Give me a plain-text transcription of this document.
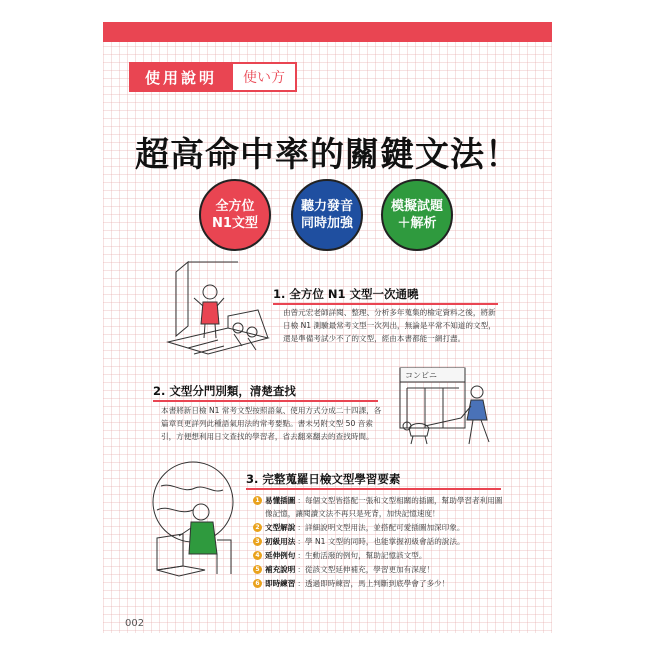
使用說明	使い方
超高命中率的關鍵文法！
全方位
N1文型
聽力發音
同時加強
模擬試題
＋解析
1. 全方位 N1 文型一次通曉
由曾元宏老師詳閱、整理、分析多年蒐集的檢定資料之後，將新日檢 N1 測驗最常考文型一次列出，無論是平常不知道的文型，還是準備考試少不了的文型，經由本書都能一網打盡。
2. 文型分門別類，清楚查找
本書將新日檢 N1 常考文型按照語氣、使用方式分成二十四課，各篇章頁更詳列此種語氣用法的常考要點。書末另附文型 50 音索引，方便想利用日文查找的學習者，省去翻來翻去的查找時間。
コンビニ
3. 完整蒐羅日檢文型學習要素
1 易懂插圖 ：每個文型皆搭配一張和文型相關的插圖，幫助學習者利用圖像記憶，讓閱讀文法不再只是死背，加快記憶速度！
2 文型解說 ：詳細說明文型用法，並搭配可愛插圖加深印象。
3 初級用法 ：學 N1 文型的同時，也能掌握初級會話的說法。
4 延伸例句 ：生動活潑的例句，幫助記憶該文型。
5 補充說明 ：從該文型延伸補充，學習更加有深度！
6 即時練習 ：透過即時練習，馬上判斷到底學會了多少！
002
